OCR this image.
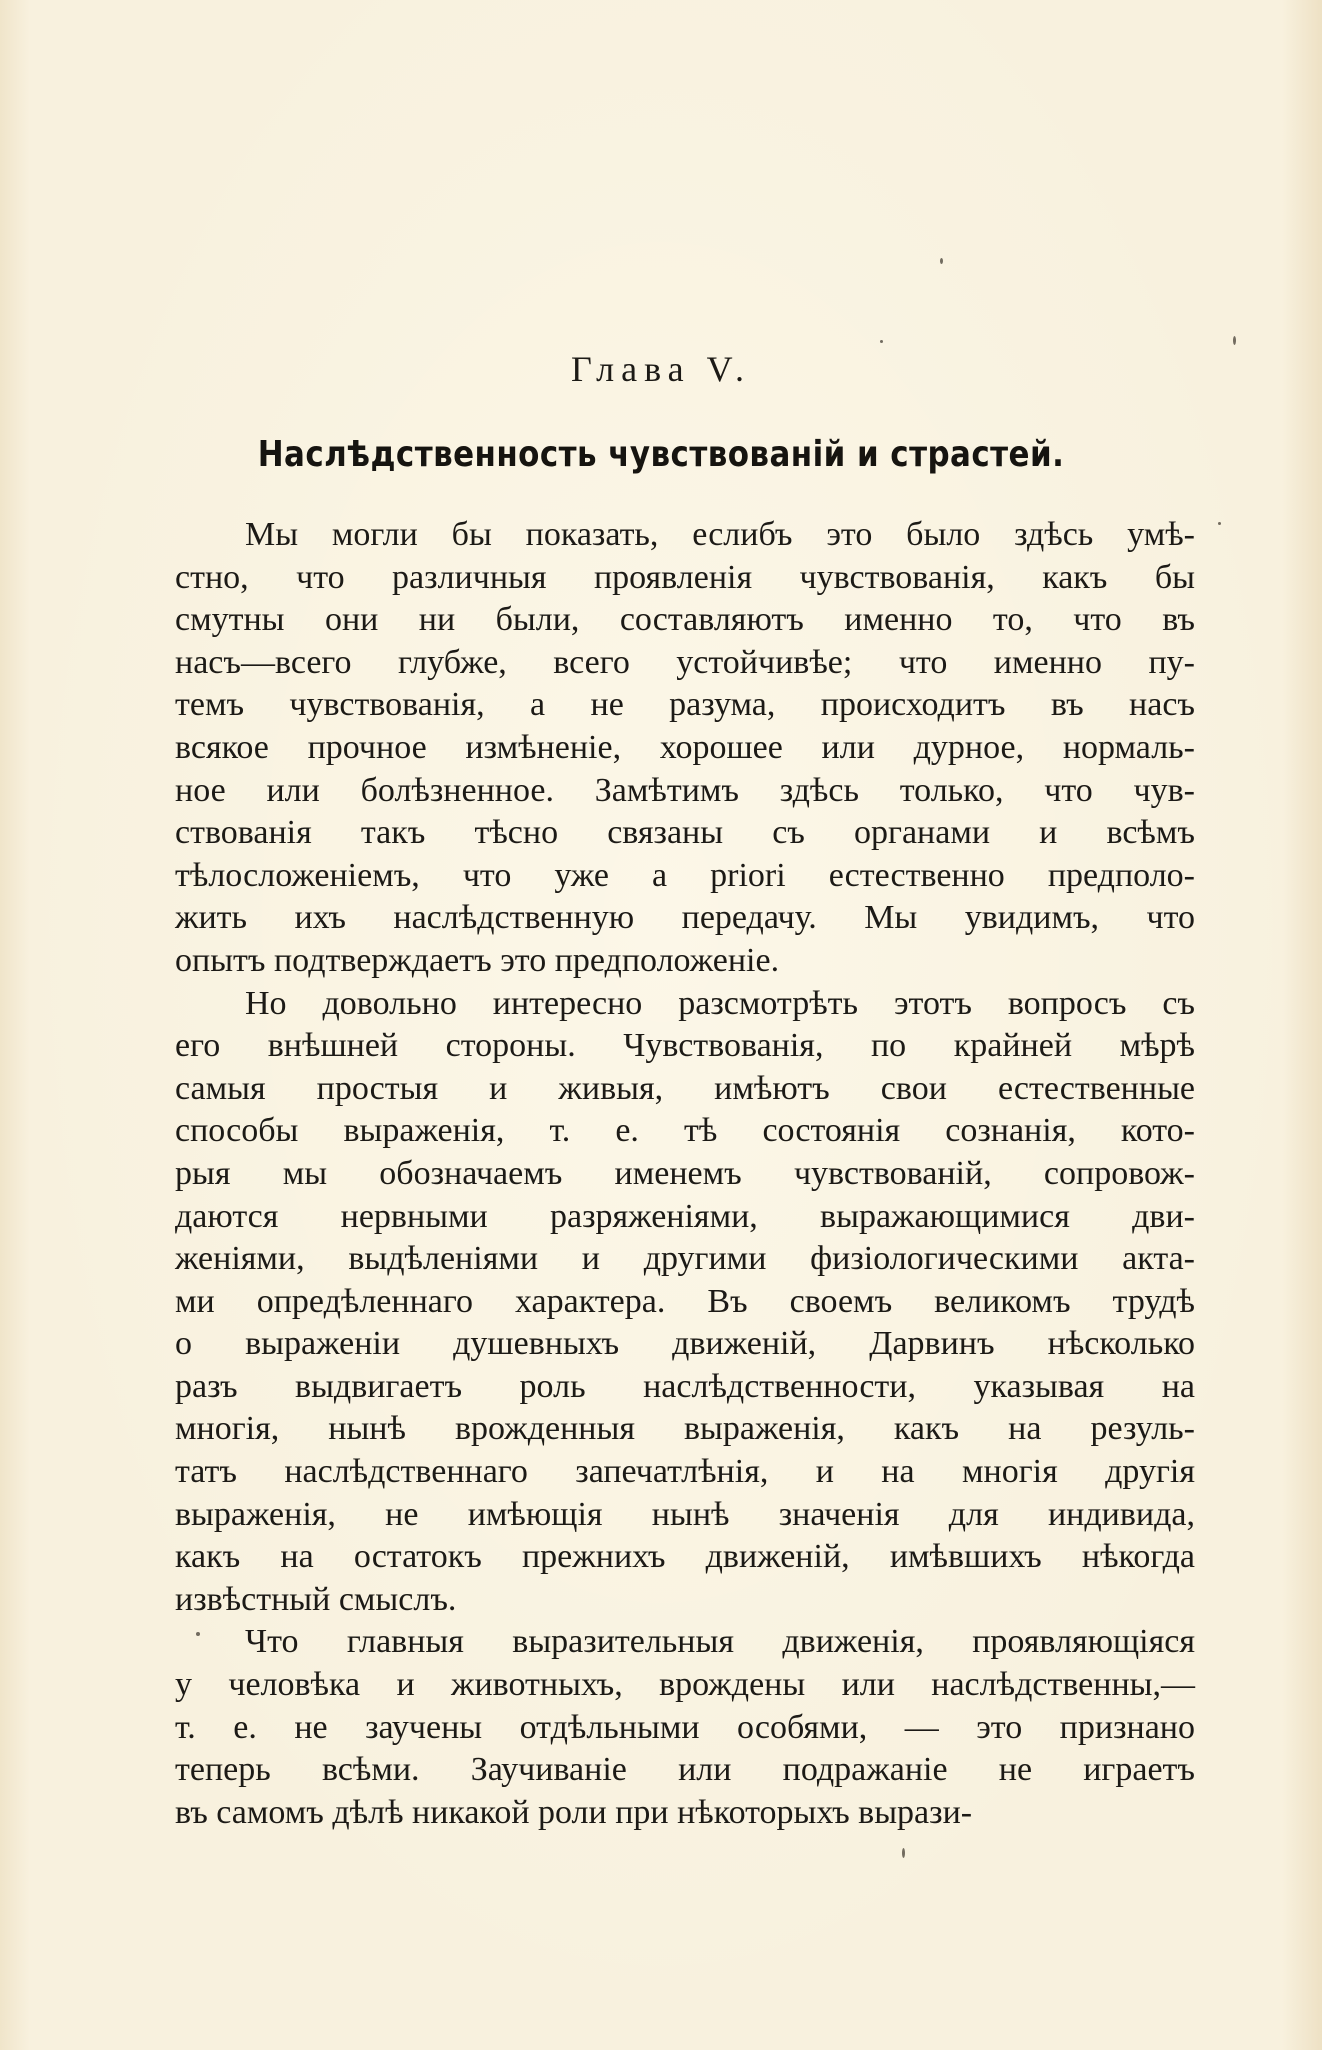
Глава V.
Наслѣдственность чувствованій и страстей.
Мы могли бы показать, еслибъ это было здѣсь умѣ-
стно, что различныя проявленія чувствованія, какъ бы
смутны они ни были, составляютъ именно то, что въ
насъ—всего глубже, всего устойчивѣе; что именно пу-
темъ чувствованія, а не разума, происходитъ въ насъ
всякое прочное измѣненіе, хорошее или дурное, нормаль-
ное или болѣзненное. Замѣтимъ здѣсь только, что чув-
ствованія такъ тѣсно связаны съ органами и всѣмъ
тѣлосложеніемъ, что уже a priori естественно предполо-
жить ихъ наслѣдственную передачу. Мы увидимъ, что
опытъ подтверждаетъ это предположеніе.
Но довольно интересно разсмотрѣть этотъ вопросъ съ
его внѣшней стороны. Чувствованія, по крайней мѣрѣ
самыя простыя и живыя, имѣютъ свои естественные
способы выраженія, т. е. тѣ состоянія сознанія, кото-
рыя мы обозначаемъ именемъ чувствованій, сопровож-
даются нервными разряженіями, выражающимися дви-
женіями, выдѣленіями и другими физіологическими акта-
ми опредѣленнаго характера. Въ своемъ великомъ трудѣ
о выраженіи душевныхъ движеній, Дарвинъ нѣсколько
разъ выдвигаетъ роль наслѣдственности, указывая на
многія, нынѣ врожденныя выраженія, какъ на резуль-
татъ наслѣдственнаго запечатлѣнія, и на многія другія
выраженія, не имѣющія нынѣ значенія для индивида,
какъ на остатокъ прежнихъ движеній, имѣвшихъ нѣкогда
извѣстный смыслъ.
Что главныя выразительныя движенія, проявляющіяся
у человѣка и животныхъ, врождены или наслѣдственны,—
т. е. не заучены отдѣльными особями, — это признано
теперь всѣми. Заучиваніе или подражаніе не играетъ
въ самомъ дѣлѣ никакой роли при нѣкоторыхъ вырази-
